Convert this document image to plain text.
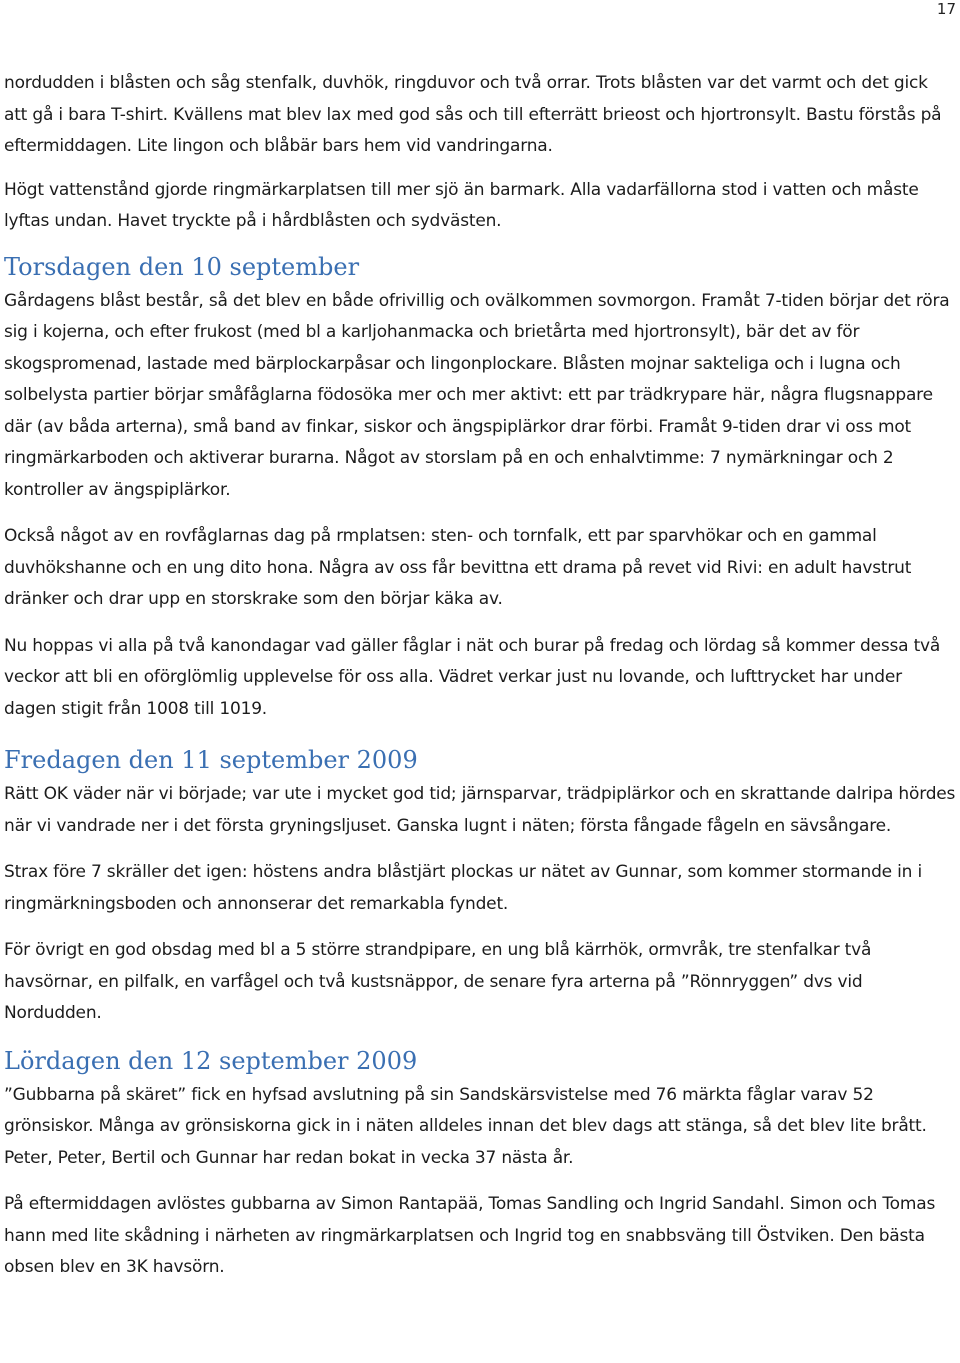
17

nordudden i blåsten och såg stenfalk, duvhök, ringduvor och två orrar. Trots blåsten var det varmt och det gick att gå i bara T-shirt. Kvällens mat blev lax med god sås och till efterrätt brieost och hjortronsylt. Bastu förstås på eftermiddagen. Lite lingon och blåbär bars hem vid vandringarna.

Högt vattenstånd gjorde ringmärkarplatsen till mer sjö än barmark. Alla vadarfällorna stod i vatten och måste lyftas undan. Havet tryckte på i hårdblåsten och sydvästen.

Torsdagen den 10 september

Gårdagens blåst består, så det blev en både ofrivillig och ovälkommen sovmorgon. Framåt 7-tiden börjar det röra sig i kojerna, och efter frukost (med bl a karljohanmacka och brietårta med hjortronsylt), bär det av för skogspromenad, lastade med bärplockarpåsar och lingonplockare. Blåsten mojnar sakteliga och i lugna och solbelysta partier börjar småfåglarna födosöka mer och mer aktivt: ett par trädkrypare här, några flugsnappare där (av båda arterna), små band av finkar, siskor och ängspiplärkor drar förbi. Framåt 9-tiden drar vi oss mot ringmärkarboden och aktiverar burarna. Något av storslam på en och enhalvtimme: 7 nymärkningar och 2 kontroller av ängspiplärkor.

Också något av en rovfåglarnas dag på rmplatsen: sten- och tornfalk, ett par sparvhökar och en gammal duvhökshanne och en ung dito hona. Några av oss får bevittna ett drama på revet vid Rivi: en adult havstrut dränker och drar upp en storskrake som den börjar käka av.

Nu hoppas vi alla på två kanondagar vad gäller fåglar i nät och burar på fredag och lördag så kommer dessa två veckor att bli en oförglömlig upplevelse för oss alla. Vädret verkar just nu lovande, och lufttrycket har under dagen stigit från 1008 till 1019.

Fredagen den 11 september 2009

Rätt OK väder när vi började; var ute i mycket god tid; järnsparvar, trädpiplärkor och en skrattande dalripa hördes när vi vandrade ner i det första gryningsljuset. Ganska lugnt i näten; första fångade fågeln en sävsångare.

Strax före 7 skräller det igen: höstens andra blåstjärt plockas ur nätet av Gunnar, som kommer stormande in i ringmärkningsboden och annonserar det remarkabla fyndet.

För övrigt en god obsdag med bl a 5 större strandpipare, en ung blå kärrhök, ormvråk, tre stenfalkar två havsörnar, en pilfalk, en varfågel och två kustsnäppor, de senare fyra arterna på ”Rönnryggen” dvs vid Nordudden.

Lördagen den 12 september 2009

”Gubbarna på skäret” fick en hyfsad avslutning på sin Sandskärsvistelse med 76 märkta fåglar varav 52 grönsiskor. Många av grönsiskorna gick in i näten alldeles innan det blev dags att stänga, så det blev lite brått. Peter, Peter, Bertil och Gunnar har redan bokat in vecka 37 nästa år.

På eftermiddagen avlöstes gubbarna av Simon Rantapää, Tomas Sandling och Ingrid Sandahl. Simon och Tomas hann med lite skådning i närheten av ringmärkarplatsen och Ingrid tog en snabbsväng till Östviken. Den bästa obsen blev en 3K havsörn.
